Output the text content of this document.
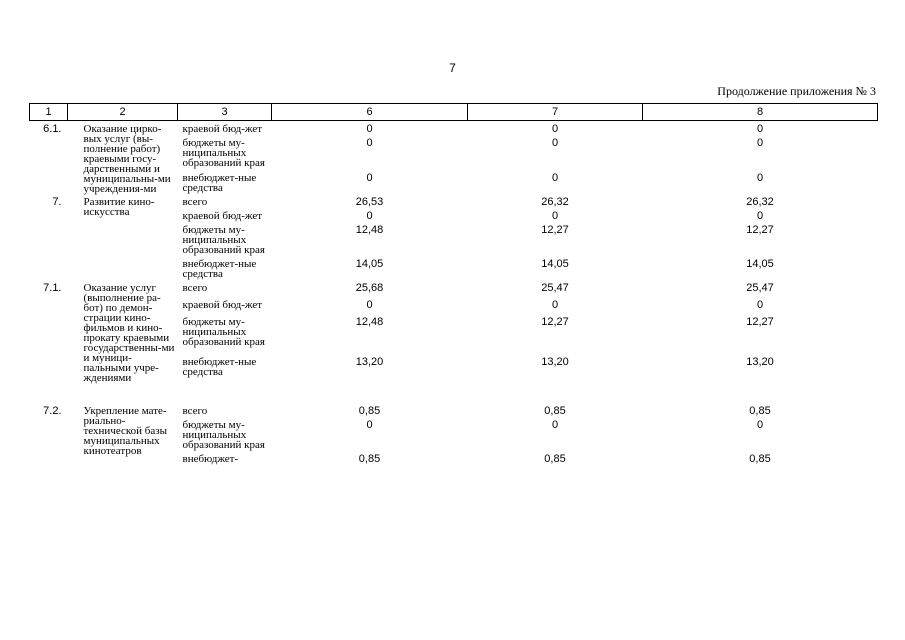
7
Продолжение приложения № 3
1	2	3	6	7	8
6.1.	Оказание цирко-вых услуг (вы-полнение работ) краевыми госу-дарственными и муниципальны-ми учреждения-ми	краевой бюд-жет	0	0	0
		бюджеты му-ниципальных образований края	0	0	0
		внебюджет-ные средства	0	0	0
7.	Развитие кино-искусства	всего	26,53	26,32	26,32
		краевой бюд-жет	0	0	0
		бюджеты му-ниципальных образований края	12,48	12,27	12,27
		внебюджет-ные средства	14,05	14,05	14,05
7.1.	Оказание услуг (выполнение ра-бот) по демон-страции кино-фильмов и кино-прокату краевыми государственны-ми и муници-пальными учре-ждениями	всего	25,68	25,47	25,47
		краевой бюд-жет	0	0	0
		бюджеты му-ниципальных образований края	12,48	12,27	12,27
		внебюджет-ные средства	13,20	13,20	13,20

7.2.	Укрепление мате-риально-технической базы муниципальных кинотеатров	всего	0,85	0,85	0,85
		бюджеты му-ниципальных образований края	0	0	0
		внебюджет-	0,85	0,85	0,85
